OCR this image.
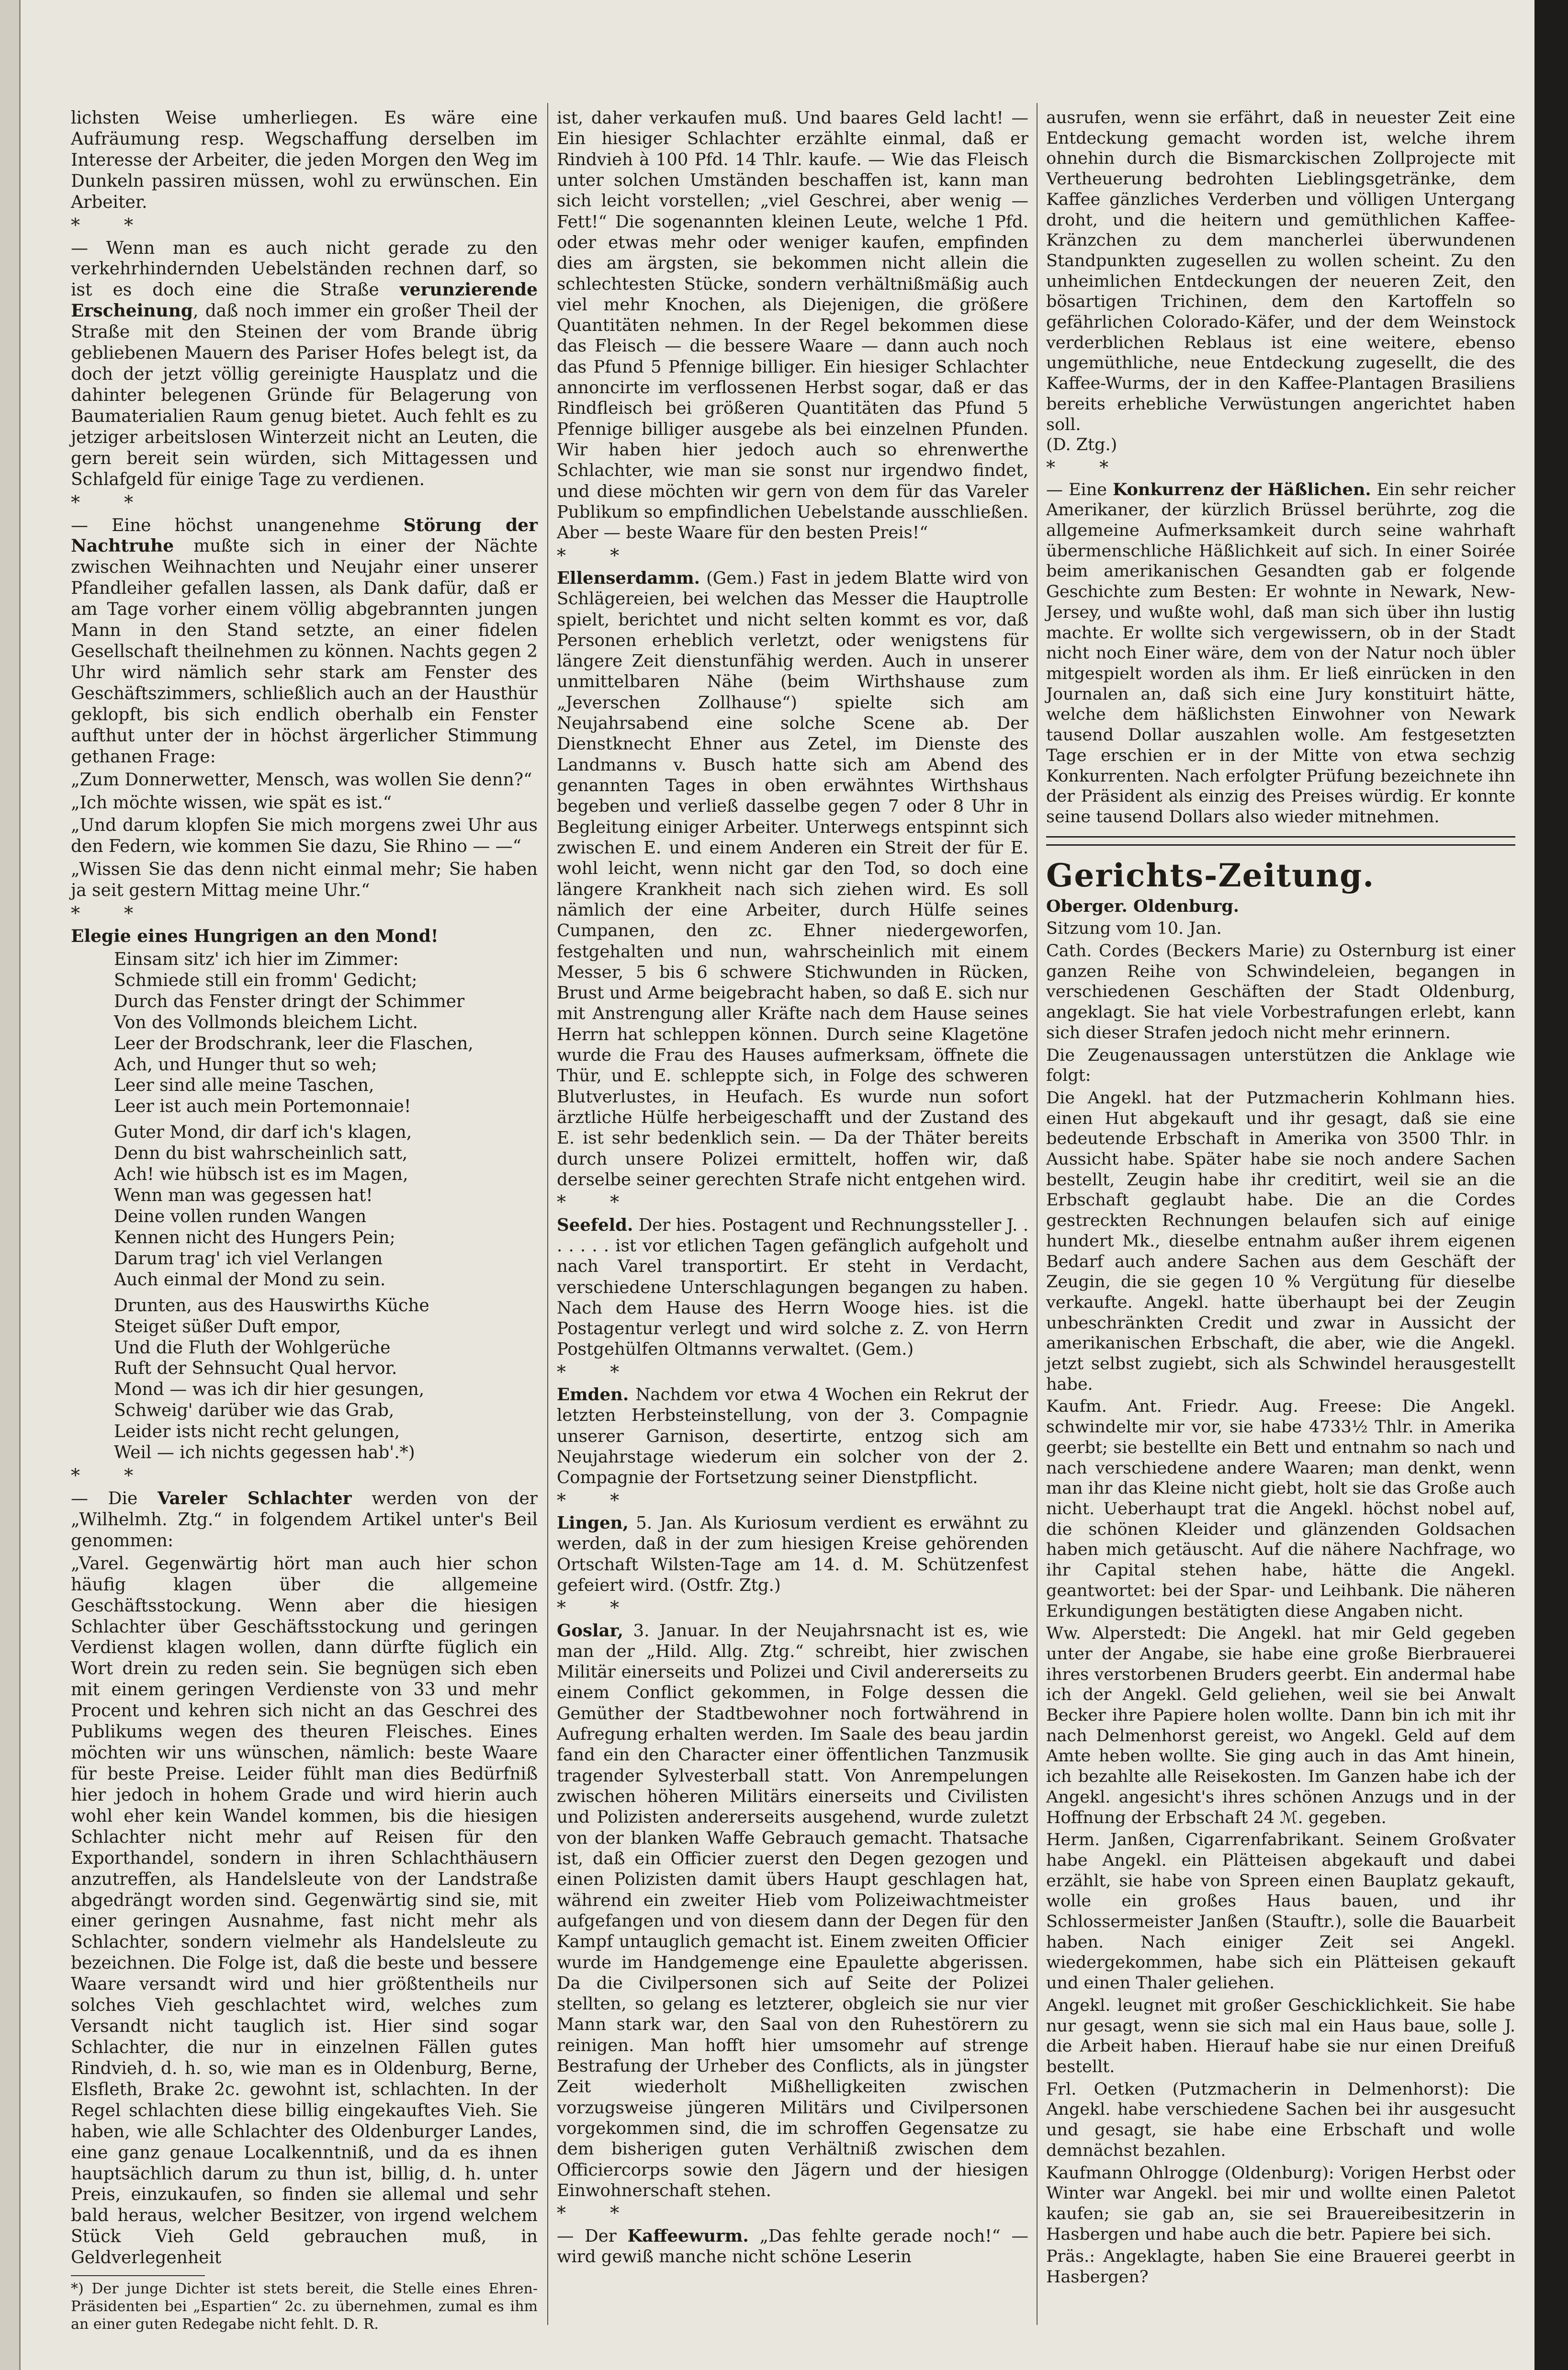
lichsten Weise umherliegen. Es wäre eine Aufräumung resp. Wegschaffung derselben im Interesse der Arbeiter, die jeden Morgen den Weg im Dunkeln passiren müssen, wohl zu erwünschen. Ein Arbeiter.

* *

— Wenn man es auch nicht gerade zu den verkehrhindernden Uebelständen rechnen darf, so ist es doch eine die Straße verunzierende Erscheinung, daß noch immer ein großer Theil der Straße mit den Steinen der vom Brande übrig gebliebenen Mauern des Pariser Hofes belegt ist, da doch der jetzt völlig gereinigte Hausplatz und die dahinter belegenen Gründe für Belagerung von Baumaterialien Raum genug bietet. Auch fehlt es zu jetziger arbeitslosen Winterzeit nicht an Leuten, die gern bereit sein würden, sich Mittagessen und Schlafgeld für einige Tage zu verdienen.

* *

— Eine höchst unangenehme Störung der Nachtruhe mußte sich in einer der Nächte zwischen Weihnachten und Neujahr einer unserer Pfandleiher gefallen lassen, als Dank dafür, daß er am Tage vorher einem völlig abgebrannten jungen Mann in den Stand setzte, an einer fidelen Gesellschaft theilnehmen zu können. Nachts gegen 2 Uhr wird nämlich sehr stark am Fenster des Geschäftszimmers, schließlich auch an der Hausthür geklopft, bis sich endlich oberhalb ein Fenster aufthut unter der in höchst ärgerlicher Stimmung gethanen Frage:

„Zum Donnerwetter, Mensch, was wollen Sie denn?“

„Ich möchte wissen, wie spät es ist.“

„Und darum klopfen Sie mich morgens zwei Uhr aus den Federn, wie kommen Sie dazu, Sie Rhino — —“

„Wissen Sie das denn nicht einmal mehr; Sie haben ja seit gestern Mittag meine Uhr.“

* *

Elegie eines Hungrigen an den Mond!

Einsam sitz' ich hier im Zimmer:
Schmiede still ein fromm' Gedicht;
Durch das Fenster dringt der Schimmer
Von des Vollmonds bleichem Licht.
Leer der Brodschrank, leer die Flaschen,
Ach, und Hunger thut so weh;
Leer sind alle meine Taschen,
Leer ist auch mein Portemonnaie!

Guter Mond, dir darf ich's klagen,
Denn du bist wahrscheinlich satt,
Ach! wie hübsch ist es im Magen,
Wenn man was gegessen hat!
Deine vollen runden Wangen
Kennen nicht des Hungers Pein;
Darum trag' ich viel Verlangen
Auch einmal der Mond zu sein.

Drunten, aus des Hauswirths Küche
Steiget süßer Duft empor,
Und die Fluth der Wohlgerüche
Ruft der Sehnsucht Qual hervor.
Mond — was ich dir hier gesungen,
Schweig' darüber wie das Grab,
Leider ists nicht recht gelungen,
Weil — ich nichts gegessen hab'.*)

* *

— Die Vareler Schlachter werden von der „Wilhelmh. Ztg.“ in folgendem Artikel unter's Beil genommen:

„Varel. Gegenwärtig hört man auch hier schon häufig klagen über die allgemeine Geschäftsstockung. Wenn aber die hiesigen Schlachter über Geschäftsstockung und geringen Verdienst klagen wollen, dann dürfte füglich ein Wort drein zu reden sein. Sie begnügen sich eben mit einem geringen Verdienste von 33 und mehr Procent und kehren sich nicht an das Geschrei des Publikums wegen des theuren Fleisches. Eines möchten wir uns wünschen, nämlich: beste Waare für beste Preise. Leider fühlt man dies Bedürfniß hier jedoch in hohem Grade und wird hierin auch wohl eher kein Wandel kommen, bis die hiesigen Schlachter nicht mehr auf Reisen für den Exporthandel, sondern in ihren Schlachthäusern anzutreffen, als Handelsleute von der Landstraße abgedrängt worden sind. Gegenwärtig sind sie, mit einer geringen Ausnahme, fast nicht mehr als Schlachter, sondern vielmehr als Handelsleute zu bezeichnen. Die Folge ist, daß die beste und bessere Waare versandt wird und hier größtentheils nur solches Vieh geschlachtet wird, welches zum Versandt nicht tauglich ist. Hier sind sogar Schlachter, die nur in einzelnen Fällen gutes Rindvieh, d. h. so, wie man es in Oldenburg, Berne, Elsfleth, Brake 2c. gewohnt ist, schlachten. In der Regel schlachten diese billig eingekauftes Vieh. Sie haben, wie alle Schlachter des Oldenburger Landes, eine ganz genaue Localkenntniß, und da es ihnen hauptsächlich darum zu thun ist, billig, d. h. unter Preis, einzukaufen, so finden sie allemal und sehr bald heraus, welcher Besitzer, von irgend welchem Stück Vieh Geld gebrauchen muß, in Geldverlegenheit

*) Der junge Dichter ist stets bereit, die Stelle eines Ehren-Präsidenten bei „Espartien“ 2c. zu übernehmen, zumal es ihm an einer guten Redegabe nicht fehlt. D. R.

ist, daher verkaufen muß. Und baares Geld lacht! — Ein hiesiger Schlachter erzählte einmal, daß er Rindvieh à 100 Pfd. 14 Thlr. kaufe. — Wie das Fleisch unter solchen Umständen beschaffen ist, kann man sich leicht vorstellen; „viel Geschrei, aber wenig — Fett!“ Die sogenannten kleinen Leute, welche 1 Pfd. oder etwas mehr oder weniger kaufen, empfinden dies am ärgsten, sie bekommen nicht allein die schlechtesten Stücke, sondern verhältnißmäßig auch viel mehr Knochen, als Diejenigen, die größere Quantitäten nehmen. In der Regel bekommen diese das Fleisch — die bessere Waare — dann auch noch das Pfund 5 Pfennige billiger. Ein hiesiger Schlachter annoncirte im verflossenen Herbst sogar, daß er das Rindfleisch bei größeren Quantitäten das Pfund 5 Pfennige billiger ausgebe als bei einzelnen Pfunden. Wir haben hier jedoch auch so ehrenwerthe Schlachter, wie man sie sonst nur irgendwo findet, und diese möchten wir gern von dem für das Vareler Publikum so empfindlichen Uebelstande ausschließen. Aber — beste Waare für den besten Preis!“

* *

Ellenserdamm. (Gem.) Fast in jedem Blatte wird von Schlägereien, bei welchen das Messer die Hauptrolle spielt, berichtet und nicht selten kommt es vor, daß Personen erheblich verletzt, oder wenigstens für längere Zeit dienstunfähig werden. Auch in unserer unmittelbaren Nähe (beim Wirthshause zum „Jeverschen Zollhause“) spielte sich am Neujahrsabend eine solche Scene ab. Der Dienstknecht Ehner aus Zetel, im Dienste des Landmanns v. Busch hatte sich am Abend des genannten Tages in oben erwähntes Wirthshaus begeben und verließ dasselbe gegen 7 oder 8 Uhr in Begleitung einiger Arbeiter. Unterwegs entspinnt sich zwischen E. und einem Anderen ein Streit der für E. wohl leicht, wenn nicht gar den Tod, so doch eine längere Krankheit nach sich ziehen wird. Es soll nämlich der eine Arbeiter, durch Hülfe seines Cumpanen, den zc. Ehner niedergeworfen, festgehalten und nun, wahrscheinlich mit einem Messer, 5 bis 6 schwere Stichwunden in Rücken, Brust und Arme beigebracht haben, so daß E. sich nur mit Anstrengung aller Kräfte nach dem Hause seines Herrn hat schleppen können. Durch seine Klagetöne wurde die Frau des Hauses aufmerksam, öffnete die Thür, und E. schleppte sich, in Folge des schweren Blutverlustes, in Heufach. Es wurde nun sofort ärztliche Hülfe herbeigeschafft und der Zustand des E. ist sehr bedenklich sein. — Da der Thäter bereits durch unsere Polizei ermittelt, hoffen wir, daß derselbe seiner gerechten Strafe nicht entgehen wird.

* *

Seefeld. Der hies. Postagent und Rechnungssteller J. . . . . . . ist vor etlichen Tagen gefänglich aufgeholt und nach Varel transportirt. Er steht in Verdacht, verschiedene Unterschlagungen begangen zu haben. Nach dem Hause des Herrn Wooge hies. ist die Postagentur verlegt und wird solche z. Z. von Herrn Postgehülfen Oltmanns verwaltet. (Gem.)

* *

Emden. Nachdem vor etwa 4 Wochen ein Rekrut der letzten Herbsteinstellung, von der 3. Compagnie unserer Garnison, desertirte, entzog sich am Neujahrstage wiederum ein solcher von der 2. Compagnie der Fortsetzung seiner Dienstpflicht.

* *

Lingen, 5. Jan. Als Kuriosum verdient es erwähnt zu werden, daß in der zum hiesigen Kreise gehörenden Ortschaft Wilsten-Tage am 14. d. M. Schützenfest gefeiert wird. (Ostfr. Ztg.)

* *

Goslar, 3. Januar. In der Neujahrsnacht ist es, wie man der „Hild. Allg. Ztg.“ schreibt, hier zwischen Militär einerseits und Polizei und Civil andererseits zu einem Conflict gekommen, in Folge dessen die Gemüther der Stadtbewohner noch fortwährend in Aufregung erhalten werden. Im Saale des beau jardin fand ein den Character einer öffentlichen Tanzmusik tragender Sylvesterball statt. Von Anrempelungen zwischen höheren Militärs einerseits und Civilisten und Polizisten andererseits ausgehend, wurde zuletzt von der blanken Waffe Gebrauch gemacht. Thatsache ist, daß ein Officier zuerst den Degen gezogen und einen Polizisten damit übers Haupt geschlagen hat, während ein zweiter Hieb vom Polizeiwachtmeister aufgefangen und von diesem dann der Degen für den Kampf untauglich gemacht ist. Einem zweiten Officier wurde im Handgemenge eine Epaulette abgerissen. Da die Civilpersonen sich auf Seite der Polizei stellten, so gelang es letzterer, obgleich sie nur vier Mann stark war, den Saal von den Ruhestörern zu reinigen. Man hofft hier umsomehr auf strenge Bestrafung der Urheber des Conflicts, als in jüngster Zeit wiederholt Mißhelligkeiten zwischen vorzugsweise jüngeren Militärs und Civilpersonen vorgekommen sind, die im schroffen Gegensatze zu dem bisherigen guten Verhältniß zwischen dem Officiercorps sowie den Jägern und der hiesigen Einwohnerschaft stehen.

* *

— Der Kaffeewurm. „Das fehlte gerade noch!“ — wird gewiß manche nicht schöne Leserin

ausrufen, wenn sie erfährt, daß in neuester Zeit eine Entdeckung gemacht worden ist, welche ihrem ohnehin durch die Bismarckischen Zollprojecte mit Vertheuerung bedrohten Lieblingsgetränke, dem Kaffee gänzliches Verderben und völligen Untergang droht, und die heitern und gemüthlichen Kaffee-Kränzchen zu dem mancherlei überwundenen Standpunkten zugesellen zu wollen scheint. Zu den unheimlichen Entdeckungen der neueren Zeit, den bösartigen Trichinen, dem den Kartoffeln so gefährlichen Colorado-Käfer, und der dem Weinstock verderblichen Reblaus ist eine weitere, ebenso ungemüthliche, neue Entdeckung zugesellt, die des Kaffee-Wurms, der in den Kaffee-Plantagen Brasiliens bereits erhebliche Verwüstungen angerichtet haben soll.

(D. Ztg.)

* *

— Eine Konkurrenz der Häßlichen. Ein sehr reicher Amerikaner, der kürzlich Brüssel berührte, zog die allgemeine Aufmerksamkeit durch seine wahrhaft übermenschliche Häßlichkeit auf sich. In einer Soirée beim amerikanischen Gesandten gab er folgende Geschichte zum Besten: Er wohnte in Newark, New-Jersey, und wußte wohl, daß man sich über ihn lustig machte. Er wollte sich vergewissern, ob in der Stadt nicht noch Einer wäre, dem von der Natur noch übler mitgespielt worden als ihm. Er ließ einrücken in den Journalen an, daß sich eine Jury konstituirt hätte, welche dem häßlichsten Einwohner von Newark tausend Dollar auszahlen wolle. Am festgesetzten Tage erschien er in der Mitte von etwa sechzig Konkurrenten. Nach erfolgter Prüfung bezeichnete ihn der Präsident als einzig des Preises würdig. Er konnte seine tausend Dollars also wieder mitnehmen.

Gerichts-Zeitung.

Oberger. Oldenburg.

Sitzung vom 10. Jan.

Cath. Cordes (Beckers Marie) zu Osternburg ist einer ganzen Reihe von Schwindeleien, begangen in verschiedenen Geschäften der Stadt Oldenburg, angeklagt. Sie hat viele Vorbestrafungen erlebt, kann sich dieser Strafen jedoch nicht mehr erinnern.

Die Zeugenaussagen unterstützen die Anklage wie folgt:

Die Angekl. hat der Putzmacherin Kohlmann hies. einen Hut abgekauft und ihr gesagt, daß sie eine bedeutende Erbschaft in Amerika von 3500 Thlr. in Aussicht habe. Später habe sie noch andere Sachen bestellt, Zeugin habe ihr creditirt, weil sie an die Erbschaft geglaubt habe. Die an die Cordes gestreckten Rechnungen belaufen sich auf einige hundert Mk., dieselbe entnahm außer ihrem eigenen Bedarf auch andere Sachen aus dem Geschäft der Zeugin, die sie gegen 10 % Vergütung für dieselbe verkaufte. Angekl. hatte überhaupt bei der Zeugin unbeschränkten Credit und zwar in Aussicht der amerikanischen Erbschaft, die aber, wie die Angekl. jetzt selbst zugiebt, sich als Schwindel herausgestellt habe.

Kaufm. Ant. Friedr. Aug. Freese: Die Angekl. schwindelte mir vor, sie habe 4733½ Thlr. in Amerika geerbt; sie bestellte ein Bett und entnahm so nach und nach verschiedene andere Waaren; man denkt, wenn man ihr das Kleine nicht giebt, holt sie das Große auch nicht. Ueberhaupt trat die Angekl. höchst nobel auf, die schönen Kleider und glänzenden Goldsachen haben mich getäuscht. Auf die nähere Nachfrage, wo ihr Capital stehen habe, hätte die Angekl. geantwortet: bei der Spar- und Leihbank. Die näheren Erkundigungen bestätigten diese Angaben nicht.

Ww. Alperstedt: Die Angekl. hat mir Geld gegeben unter der Angabe, sie habe eine große Bierbrauerei ihres verstorbenen Bruders geerbt. Ein andermal habe ich der Angekl. Geld geliehen, weil sie bei Anwalt Becker ihre Papiere holen wollte. Dann bin ich mit ihr nach Delmenhorst gereist, wo Angekl. Geld auf dem Amte heben wollte. Sie ging auch in das Amt hinein, ich bezahlte alle Reisekosten. Im Ganzen habe ich der Angekl. angesicht's ihres schönen Anzugs und in der Hoffnung der Erbschaft 24 ℳ. gegeben.

Herm. Janßen, Cigarrenfabrikant. Seinem Großvater habe Angekl. ein Plätteisen abgekauft und dabei erzählt, sie habe von Spreen einen Bauplatz gekauft, wolle ein großes Haus bauen, und ihr Schlossermeister Janßen (Stauftr.), solle die Bauarbeit haben. Nach einiger Zeit sei Angekl. wiedergekommen, habe sich ein Plätteisen gekauft und einen Thaler geliehen.

Angekl. leugnet mit großer Geschicklichkeit. Sie habe nur gesagt, wenn sie sich mal ein Haus baue, solle J. die Arbeit haben. Hierauf habe sie nur einen Dreifuß bestellt.

Frl. Oetken (Putzmacherin in Delmenhorst): Die Angekl. habe verschiedene Sachen bei ihr ausgesucht und gesagt, sie habe eine Erbschaft und wolle demnächst bezahlen.

Kaufmann Ohlrogge (Oldenburg): Vorigen Herbst oder Winter war Angekl. bei mir und wollte einen Paletot kaufen; sie gab an, sie sei Brauereibesitzerin in Hasbergen und habe auch die betr. Papiere bei sich.

Präs.: Angeklagte, haben Sie eine Brauerei geerbt in Hasbergen?
